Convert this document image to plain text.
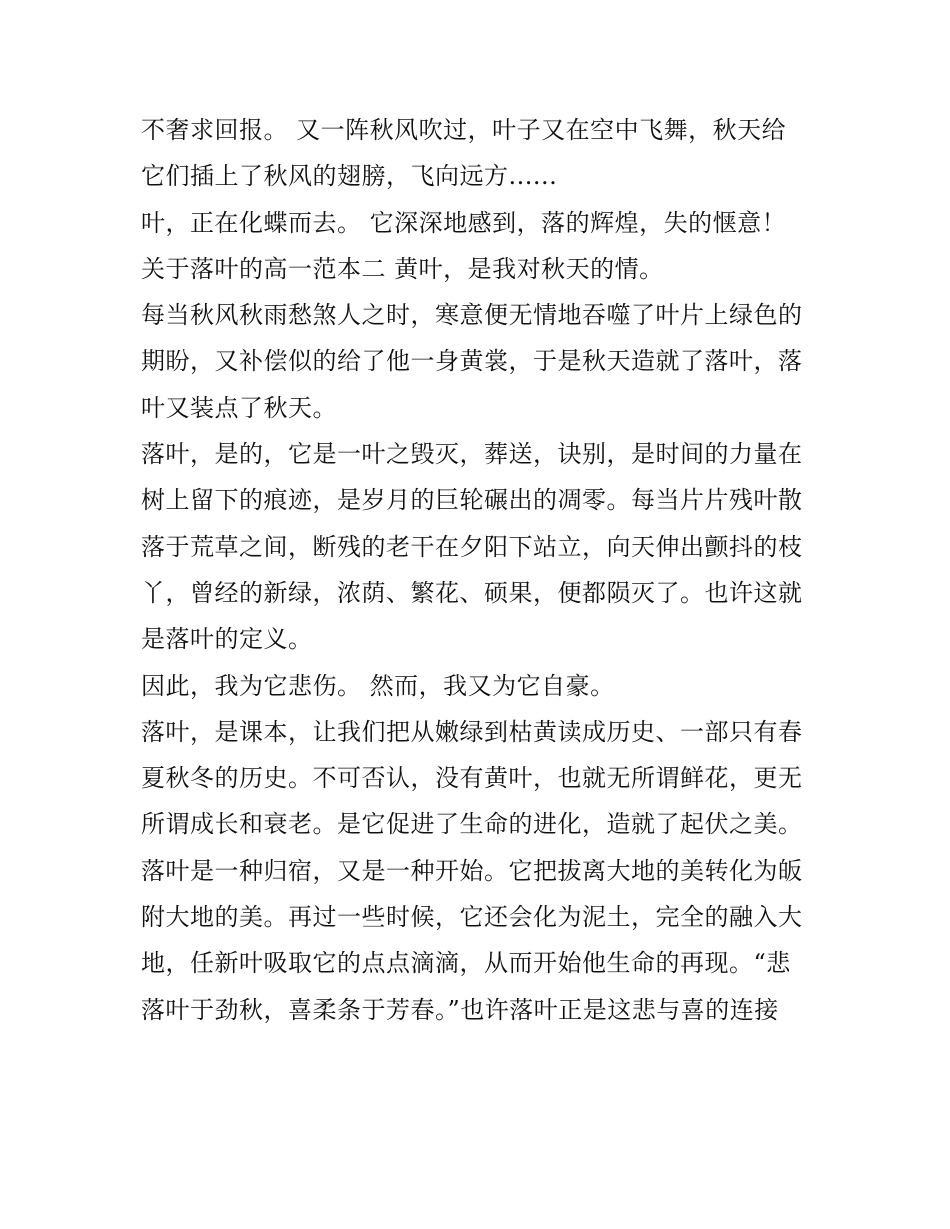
不奢求回报。 又一阵秋风吹过，叶子又在空中飞舞，秋天给
它们插上了秋风的翅膀，飞向远方......
叶，正在化蝶而去。 它深深地感到，落的辉煌，失的惬意！
关于落叶的高一范本二 黄叶，是我对秋天的情。
每当秋风秋雨愁煞人之时，寒意便无情地吞噬了叶片上绿色的
期盼，又补偿似的给了他一身黄裳，于是秋天造就了落叶，落
叶又装点了秋天。
落叶，是的，它是一叶之毁灭，葬送，诀别，是时间的力量在
树上留下的痕迹，是岁月的巨轮碾出的凋零。每当片片残叶散
落于荒草之间，断残的老干在夕阳下站立，向天伸出颤抖的枝
丫，曾经的新绿，浓荫、繁花、硕果，便都陨灭了。也许这就
是落叶的定义。
因此，我为它悲伤。 然而，我又为它自豪。
落叶，是课本，让我们把从嫩绿到枯黄读成历史、一部只有春
夏秋冬的历史。不可否认，没有黄叶，也就无所谓鲜花，更无
所谓成长和衰老。是它促进了生命的进化，造就了起伏之美。
落叶是一种归宿，又是一种开始。它把拔离大地的美转化为皈
附大地的美。再过一些时候，它还会化为泥土，完全的融入大
地，任新叶吸取它的点点滴滴，从而开始他生命的再现。“悲
落叶于劲秋，喜柔条于芳春。”也许落叶正是这悲与喜的连接
